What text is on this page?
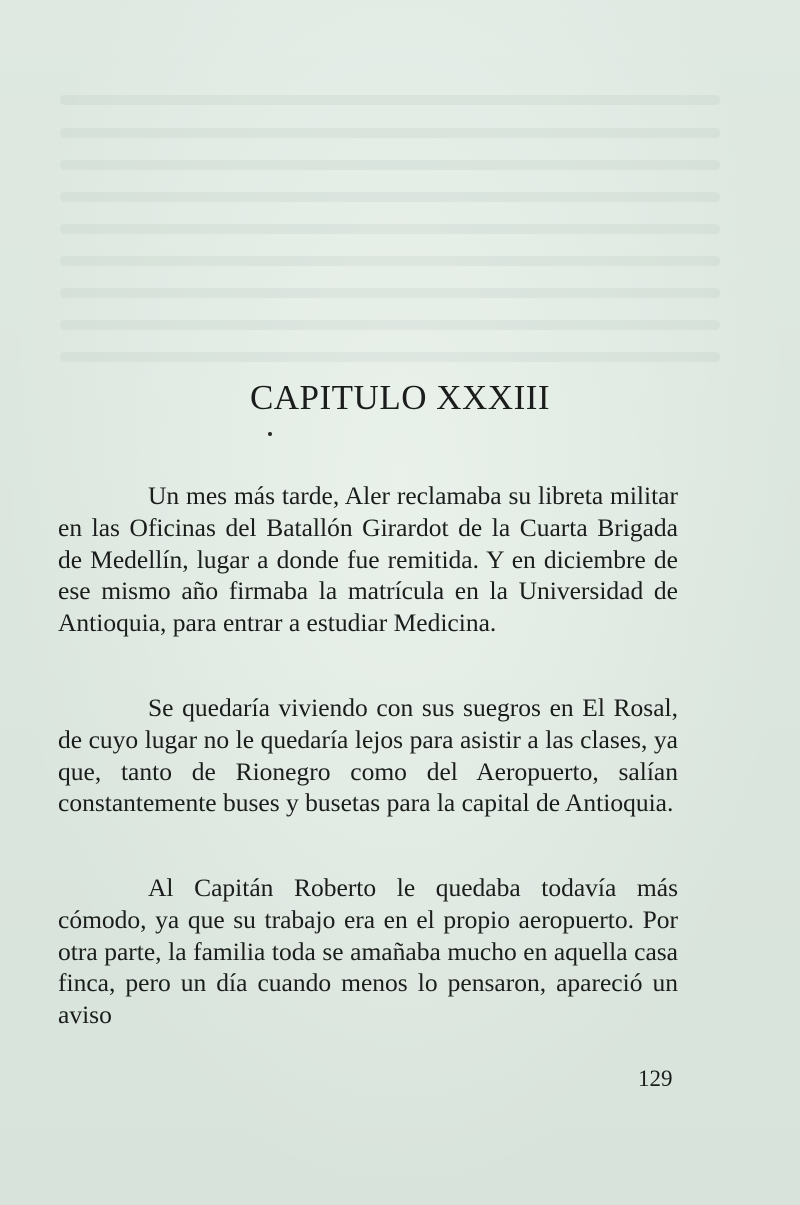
CAPITULO XXXIII

Un mes más tarde, Aler reclamaba su libreta militar en las Oficinas del Batallón Girardot de la Cuarta Brigada de Medellín, lugar a donde fue remitida. Y en diciembre de ese mismo año firmaba la matrícula en la Universidad de Antioquia, para entrar a estudiar Medicina.

Se quedaría viviendo con sus suegros en El Rosal, de cuyo lugar no le quedaría lejos para asistir a las clases, ya que, tanto de Rionegro como del Aeropuerto, salían constantemente buses y busetas para la capital de Antioquia.

Al Capitán Roberto le quedaba todavía más cómodo, ya que su trabajo era en el propio aeropuerto. Por otra parte, la familia toda se amañaba mucho en aquella casa finca, pero un día cuando menos lo pensaron, apareció un aviso

129
